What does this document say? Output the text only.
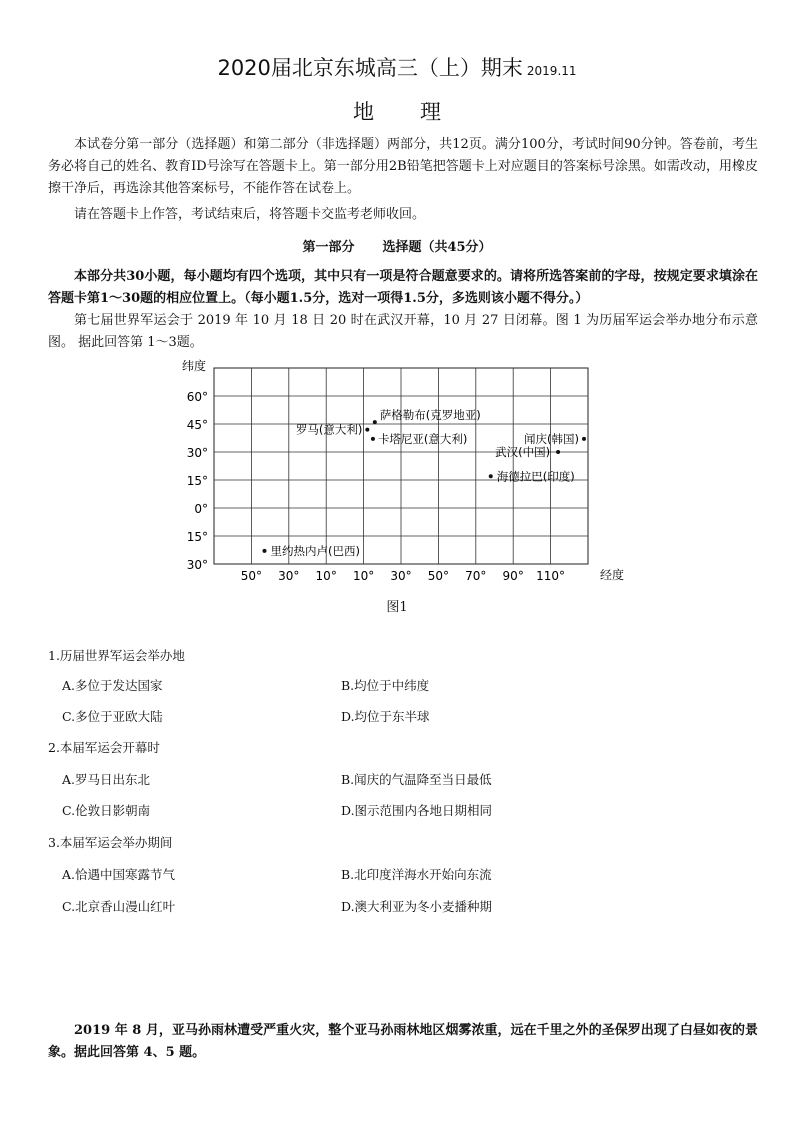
2020届北京东城高三（上）期末 2019.11
地理
本试卷分第一部分（选择题）和第二部分（非选择题）两部分，共12页。满分100分，考试时间90分钟。答卷前，考生务必将自己的姓名、教育ID号涂写在答题卡上。第一部分用2B铅笔把答题卡上对应题目的答案标号涂黑。如需改动，用橡皮擦干净后，再选涂其他答案标号，不能作答在试卷上。
请在答题卡上作答，考试结束后，将答题卡交监考老师收回。
第一部分 选择题（共45分）
本部分共30小题，每小题均有四个选项，其中只有一项是符合题意要求的。请将所选答案前的字母，按规定要求填涂在答题卡第1～30题的相应位置上。（每小题1.5分，选对一项得1.5分，多选则该小题不得分。）
第七届世界军运会于 2019 年 10 月 18 日 20 时在武汉开幕，10 月 27 日闭幕。图 1 为历届军运会举办地分布示意图。 据此回答第 1～3题。
60°
45°
30°
15°
0°
15°
30°
50° 30° 10° 10° 30° 50° 70° 90° 110°
萨格勒布(克罗地亚)
罗马(意大利)
卡塔尼亚(意大利)	闻庆(韩国)
武汉(中国)
海德拉巴(印度)
里约热内卢(巴西)
纬度
经度
图1
1.历届世界军运会举办地
A.多位于发达国家	B.均位于中纬度
C.多位于亚欧大陆	D.均位于东半球
2.本届军运会开幕时
A.罗马日出东北	B.闻庆的气温降至当日最低
C.伦敦日影朝南	D.图示范围内各地日期相同
3.本届军运会举办期间
A.恰遇中国寒露节气	B.北印度洋海水开始向东流
C.北京香山漫山红叶	D.澳大利亚为冬小麦播种期
2019 年 8 月，亚马孙雨林遭受严重火灾，整个亚马孙雨林地区烟雾浓重，远在千里之外的圣保罗出现了白昼如夜的景象。据此回答第 4、5 题。
